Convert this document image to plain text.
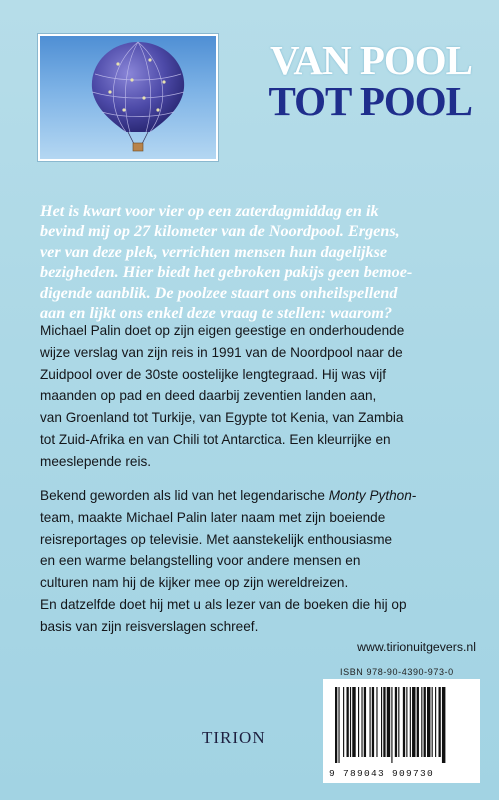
VAN POOL
TOT POOL
Het is kwart voor vier op een zaterdagmiddag en ik
bevind mij op 27 kilometer van de Noordpool. Ergens,
ver van deze plek, verrichten mensen hun dagelijkse
bezigheden. Hier biedt het gebroken pakijs geen bemoe-
digende aanblik. De poolzee staart ons onheilspellend
aan en lijkt ons enkel deze vraag te stellen: waarom?
Michael Palin doet op zijn eigen geestige en onderhoudende
wijze verslag van zijn reis in 1991 van de Noordpool naar de
Zuidpool over de 30ste oostelijke lengtegraad. Hij was vijf
maanden op pad en deed daarbij zeventien landen aan,
van Groenland tot Turkije, van Egypte tot Kenia, van Zambia
tot Zuid-Afrika en van Chili tot Antarctica. Een kleurrijke en
meeslepende reis.
Bekend geworden als lid van het legendarische Monty Python-
team, maakte Michael Palin later naam met zijn boeiende
reisreportages op televisie. Met aanstekelijk enthousiasme
en een warme belangstelling voor andere mensen en
culturen nam hij de kijker mee op zijn wereldreizen.
En datzelfde doet hij met u als lezer van de boeken die hij op
basis van zijn reisverslagen schreef.
www.tirionuitgevers.nl
ISBN 978-90-4390-973-0
9 789043 909730
TIRION
